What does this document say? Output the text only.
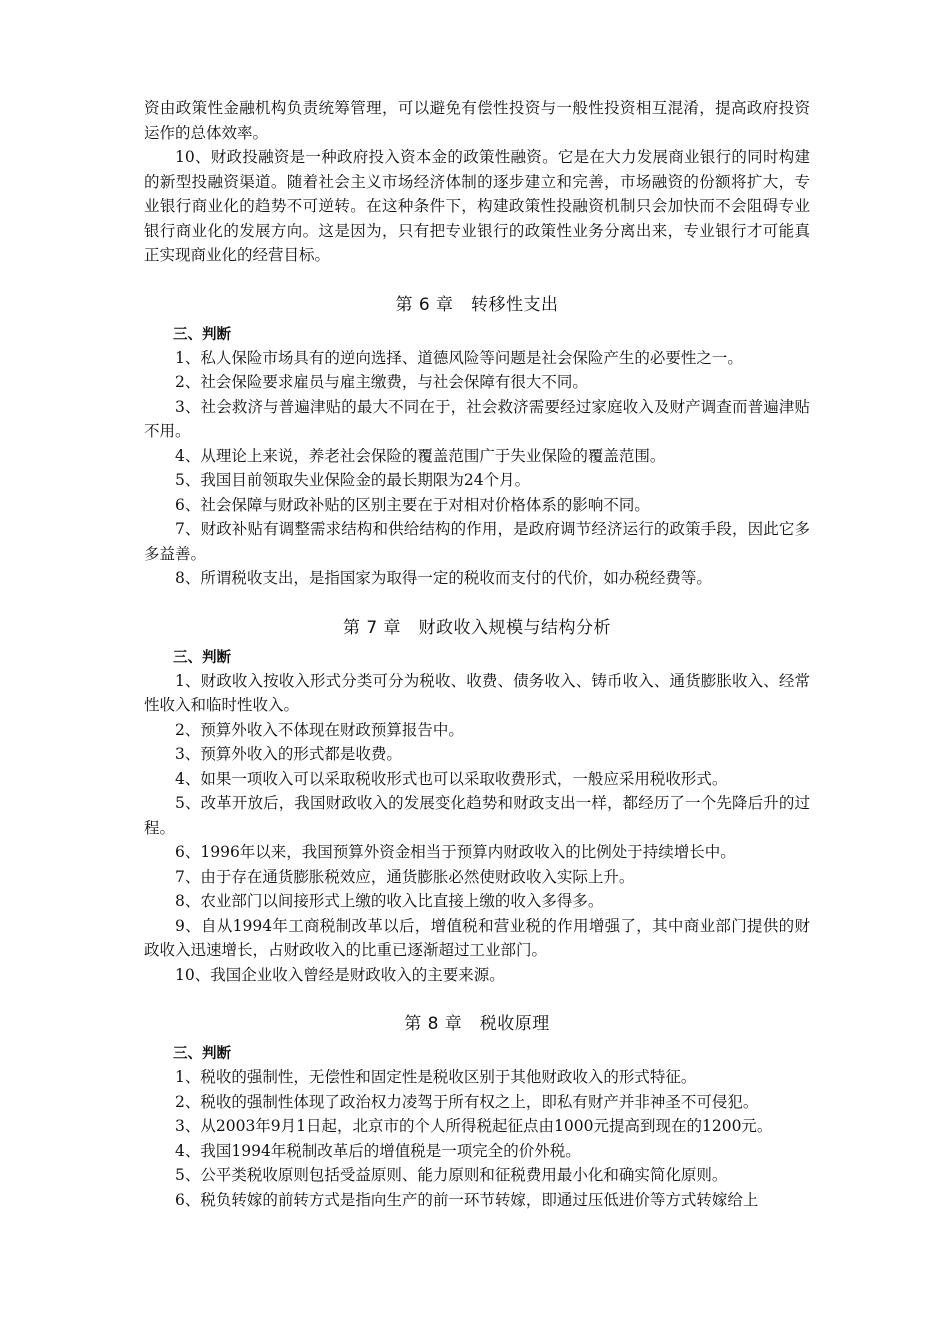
资由政策性金融机构负责统筹管理，可以避免有偿性投资与一般性投资相互混淆，提高政府投资运作的总体效率。

10、财政投融资是一种政府投入资本金的政策性融资。它是在大力发展商业银行的同时构建的新型投融资渠道。随着社会主义市场经济体制的逐步建立和完善，市场融资的份额将扩大，专业银行商业化的趋势不可逆转。在这种条件下，构建政策性投融资机制只会加快而不会阻碍专业银行商业化的发展方向。这是因为，只有把专业银行的政策性业务分离出来，专业银行才可能真正实现商业化的经营目标。

第 6 章　转移性支出

三、判断

1、私人保险市场具有的逆向选择、道德风险等问题是社会保险产生的必要性之一。

2、社会保险要求雇员与雇主缴费，与社会保障有很大不同。

3、社会救济与普遍津贴的最大不同在于，社会救济需要经过家庭收入及财产调查而普遍津贴不用。

4、从理论上来说，养老社会保险的覆盖范围广于失业保险的覆盖范围。

5、我国目前领取失业保险金的最长期限为24个月。

6、社会保障与财政补贴的区别主要在于对相对价格体系的影响不同。

7、财政补贴有调整需求结构和供给结构的作用，是政府调节经济运行的政策手段，因此它多多益善。

8、所谓税收支出，是指国家为取得一定的税收而支付的代价，如办税经费等。

第 7 章　财政收入规模与结构分析

三、判断

1、财政收入按收入形式分类可分为税收、收费、债务收入、铸币收入、通货膨胀收入、经常性收入和临时性收入。

2、预算外收入不体现在财政预算报告中。

3、预算外收入的形式都是收费。

4、如果一项收入可以采取税收形式也可以采取收费形式，一般应采用税收形式。

5、改革开放后，我国财政收入的发展变化趋势和财政支出一样，都经历了一个先降后升的过程。

6、1996年以来，我国预算外资金相当于预算内财政收入的比例处于持续增长中。

7、由于存在通货膨胀税效应，通货膨胀必然使财政收入实际上升。

8、农业部门以间接形式上缴的收入比直接上缴的收入多得多。

9、自从1994年工商税制改革以后，增值税和营业税的作用增强了，其中商业部门提供的财政收入迅速增长，占财政收入的比重已逐渐超过工业部门。

10、我国企业收入曾经是财政收入的主要来源。

第 8 章　税收原理

三、判断

1、税收的强制性，无偿性和固定性是税收区别于其他财政收入的形式特征。

2、税收的强制性体现了政治权力凌驾于所有权之上，即私有财产并非神圣不可侵犯。

3、从2003年9月1日起，北京市的个人所得税起征点由1000元提高到现在的1200元。

4、我国1994年税制改革后的增值税是一项完全的价外税。

5、公平类税收原则包括受益原则、能力原则和征税费用最小化和确实简化原则。

6、税负转嫁的前转方式是指向生产的前一环节转嫁，即通过压低进价等方式转嫁给上
